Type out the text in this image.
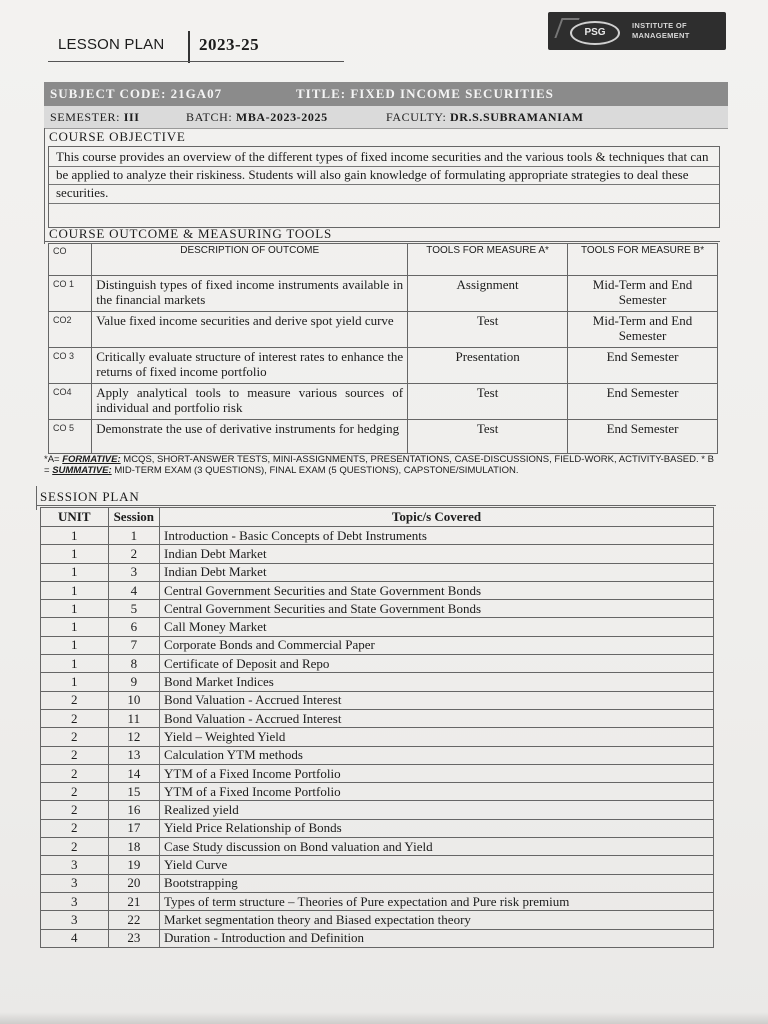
LESSON PLAN 2023-25
PSG
INSTITUTE OF MANAGEMENT
SUBJECT CODE: 21GA07	TITLE: FIXED INCOME SECURITIES
SEMESTER: III	BATCH: MBA-2023-2025	FACULTY: DR.S.SUBRAMANIAM
COURSE OBJECTIVE
This course provides an overview of the different types of fixed income securities and the various tools & techniques that can be applied to analyze their riskiness. Students will also gain knowledge of formulating appropriate strategies to deal these securities.
COURSE OUTCOME & MEASURING TOOLS
CO	DESCRIPTION OF OUTCOME	TOOLS FOR MEASURE A*	TOOLS FOR MEASURE B*
CO 1	Distinguish types of fixed income instruments available in the financial markets	Assignment	Mid-Term and End Semester
CO2	Value fixed income securities and derive spot yield curve	Test	Mid-Term and End Semester
CO 3	Critically evaluate structure of interest rates to enhance the returns of fixed income portfolio	Presentation	End Semester
CO4	Apply analytical tools to measure various sources of individual and portfolio risk	Test	End Semester
CO 5	Demonstrate the use of derivative instruments for hedging	Test	End Semester
*A= FORMATIVE: MCQS, SHORT-ANSWER TESTS, MINI-ASSIGNMENTS, PRESENTATIONS, CASE-DISCUSSIONS, FIELD-WORK, ACTIVITY-BASED. * B = SUMMATIVE: MID-TERM EXAM (3 QUESTIONS), FINAL EXAM (5 QUESTIONS), CAPSTONE/SIMULATION.
SESSION PLAN
UNIT	Session	Topic/s Covered
1	1	Introduction - Basic Concepts of Debt Instruments
1	2	Indian Debt Market
1	3	Indian Debt Market
1	4	Central Government Securities and State Government Bonds
1	5	Central Government Securities and State Government Bonds
1	6	Call Money Market
1	7	Corporate Bonds and Commercial Paper
1	8	Certificate of Deposit and Repo
1	9	Bond Market Indices
2	10	Bond Valuation - Accrued Interest
2	11	Bond Valuation - Accrued Interest
2	12	Yield – Weighted Yield
2	13	Calculation YTM methods
2	14	YTM of a Fixed Income Portfolio
2	15	YTM of a Fixed Income Portfolio
2	16	Realized yield
2	17	Yield Price Relationship of Bonds
2	18	Case Study discussion on Bond valuation and Yield
3	19	Yield Curve
3	20	Bootstrapping
3	21	Types of term structure – Theories of Pure expectation and Pure risk premium
3	22	Market segmentation theory and Biased expectation theory
4	23	Duration - Introduction and Definition
